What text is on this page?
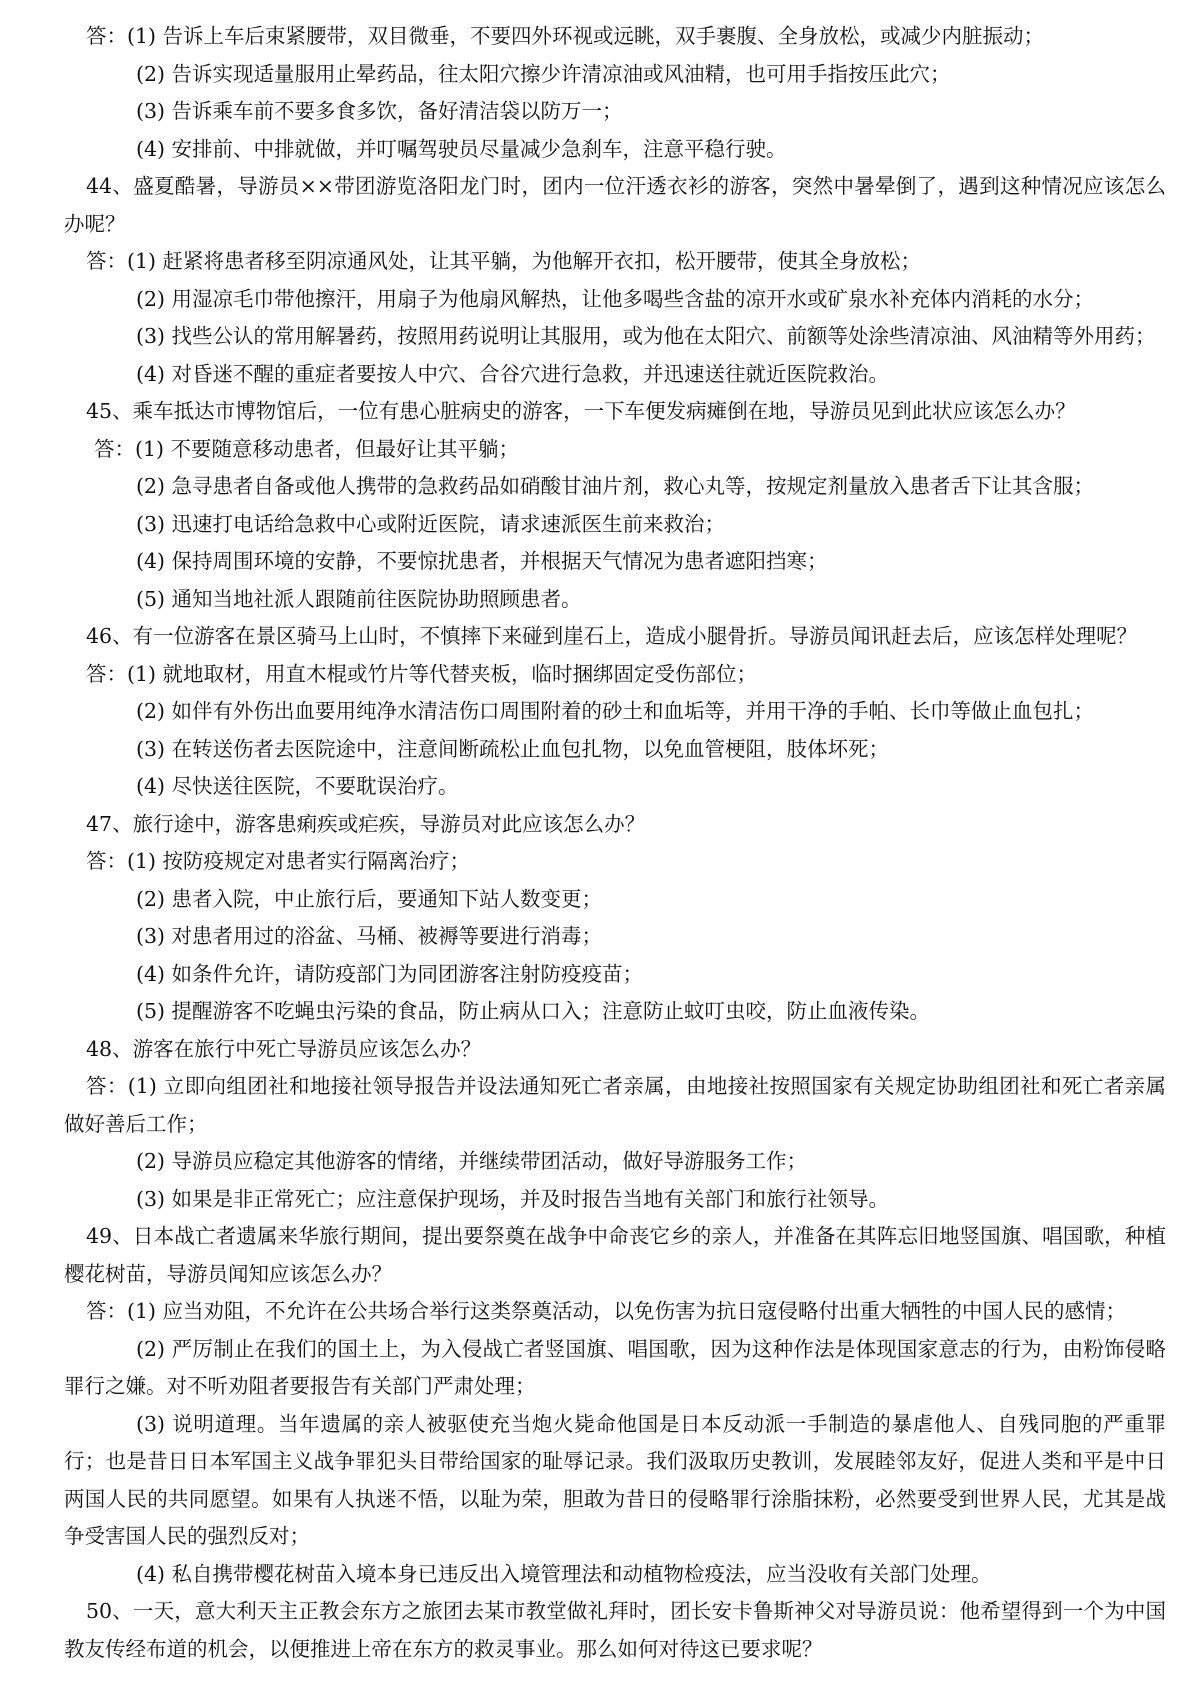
答：(1) 告诉上车后束紧腰带，双目微垂，不要四外环视或远眺，双手裹腹、全身放松，或减少内脏振动；

(2) 告诉实现适量服用止晕药品，往太阳穴擦少许清凉油或风油精，也可用手指按压此穴；

(3) 告诉乘车前不要多食多饮，备好清洁袋以防万一；

(4) 安排前、中排就做，并叮嘱驾驶员尽量减少急刹车，注意平稳行驶。

44、盛夏酷暑，导游员××带团游览洛阳龙门时，团内一位汗透衣衫的游客，突然中暑晕倒了，遇到这种情况应该怎么办呢？

答：(1) 赶紧将患者移至阴凉通风处，让其平躺，为他解开衣扣，松开腰带，使其全身放松；

(2) 用湿凉毛巾带他擦汗，用扇子为他扇风解热，让他多喝些含盐的凉开水或矿泉水补充体内消耗的水分；

(3) 找些公认的常用解暑药，按照用药说明让其服用，或为他在太阳穴、前额等处涂些清凉油、风油精等外用药；

(4) 对昏迷不醒的重症者要按人中穴、合谷穴进行急救，并迅速送往就近医院救治。

45、乘车抵达市博物馆后，一位有患心脏病史的游客，一下车便发病瘫倒在地，导游员见到此状应该怎么办？

答：(1) 不要随意移动患者，但最好让其平躺；

(2) 急寻患者自备或他人携带的急救药品如硝酸甘油片剂，救心丸等，按规定剂量放入患者舌下让其含服；

(3) 迅速打电话给急救中心或附近医院，请求速派医生前来救治；

(4) 保持周围环境的安静，不要惊扰患者，并根据天气情况为患者遮阳挡寒；

(5) 通知当地社派人跟随前往医院协助照顾患者。

46、有一位游客在景区骑马上山时，不慎摔下来碰到崖石上，造成小腿骨折。导游员闻讯赶去后，应该怎样处理呢？

答：(1) 就地取材，用直木棍或竹片等代替夹板，临时捆绑固定受伤部位；

(2) 如伴有外伤出血要用纯净水清洁伤口周围附着的砂土和血垢等，并用干净的手帕、长巾等做止血包扎；

(3) 在转送伤者去医院途中，注意间断疏松止血包扎物，以免血管梗阻，肢体坏死；

(4) 尽快送往医院，不要耽误治疗。

47、旅行途中，游客患痢疾或疟疾，导游员对此应该怎么办？

答：(1) 按防疫规定对患者实行隔离治疗；

(2) 患者入院，中止旅行后，要通知下站人数变更；

(3) 对患者用过的浴盆、马桶、被褥等要进行消毒；

(4) 如条件允许，请防疫部门为同团游客注射防疫疫苗；

(5) 提醒游客不吃蝇虫污染的食品，防止病从口入；注意防止蚊叮虫咬，防止血液传染。

48、游客在旅行中死亡导游员应该怎么办？

答：(1) 立即向组团社和地接社领导报告并设法通知死亡者亲属，由地接社按照国家有关规定协助组团社和死亡者亲属做好善后工作；

(2) 导游员应稳定其他游客的情绪，并继续带团活动，做好导游服务工作；

(3) 如果是非正常死亡；应注意保护现场，并及时报告当地有关部门和旅行社领导。

49、日本战亡者遗属来华旅行期间，提出要祭奠在战争中命丧它乡的亲人，并准备在其阵忘旧地竖国旗、唱国歌，种植樱花树苗，导游员闻知应该怎么办？

答：(1) 应当劝阻，不允许在公共场合举行这类祭奠活动，以免伤害为抗日寇侵略付出重大牺牲的中国人民的感情；

(2) 严厉制止在我们的国土上，为入侵战亡者竖国旗、唱国歌，因为这种作法是体现国家意志的行为，由粉饰侵略罪行之嫌。对不听劝阻者要报告有关部门严肃处理；

(3) 说明道理。当年遗属的亲人被驱使充当炮火毙命他国是日本反动派一手制造的暴虐他人、自残同胞的严重罪行；也是昔日日本军国主义战争罪犯头目带给国家的耻辱记录。我们汲取历史教训，发展睦邻友好，促进人类和平是中日两国人民的共同愿望。如果有人执迷不悟，以耻为荣，胆敢为昔日的侵略罪行涂脂抹粉，必然要受到世界人民，尤其是战争受害国人民的强烈反对；

(4) 私自携带樱花树苗入境本身已违反出入境管理法和动植物检疫法，应当没收有关部门处理。

50、一天，意大利天主正教会东方之旅团去某市教堂做礼拜时，团长安卡鲁斯神父对导游员说：他希望得到一个为中国教友传经布道的机会，以便推进上帝在东方的救灵事业。那么如何对待这已要求呢？
